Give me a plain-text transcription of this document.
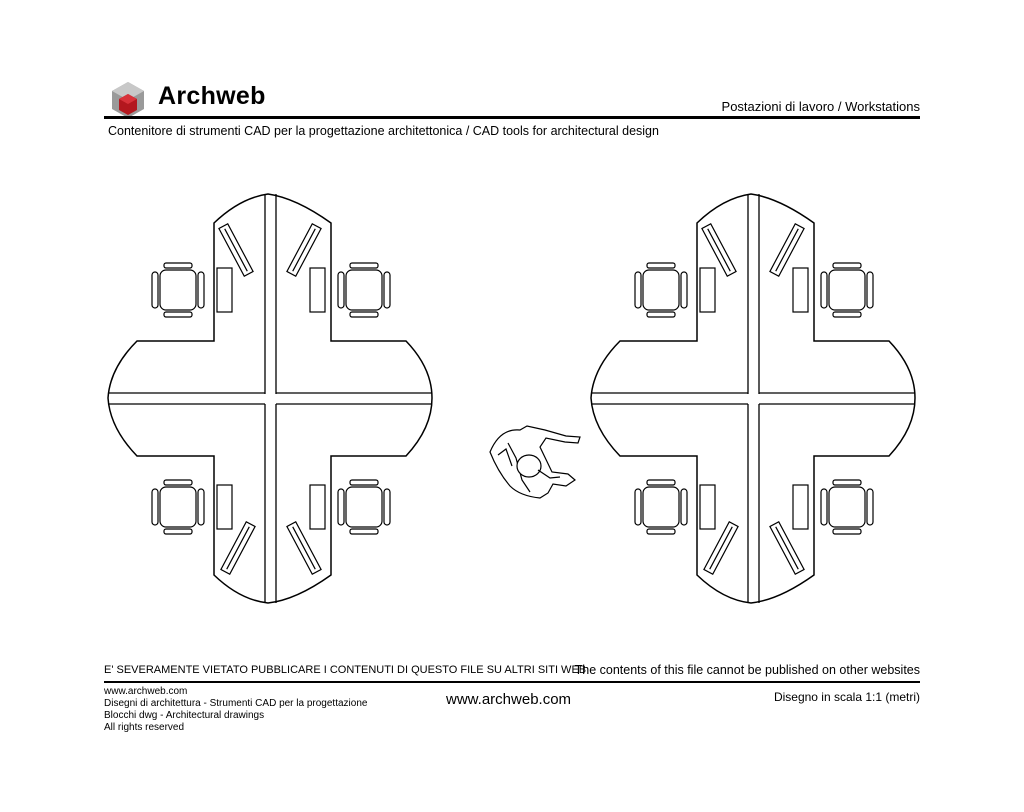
Archweb	Postazioni di lavoro / Workstations
Contenitore di strumenti CAD per la progettazione architettonica / CAD tools for architectural design
E' SEVERAMENTE VIETATO PUBBLICARE I CONTENUTI DI QUESTO FILE SU ALTRI SITI WEB
The contents of this file cannot be published on other websites
www.archweb.com
Disegni di architettura - Strumenti CAD per la progettazione
Blocchi dwg - Architectural drawings
All rights reserved
www.archweb.com	Disegno in scala 1:1 (metri)
